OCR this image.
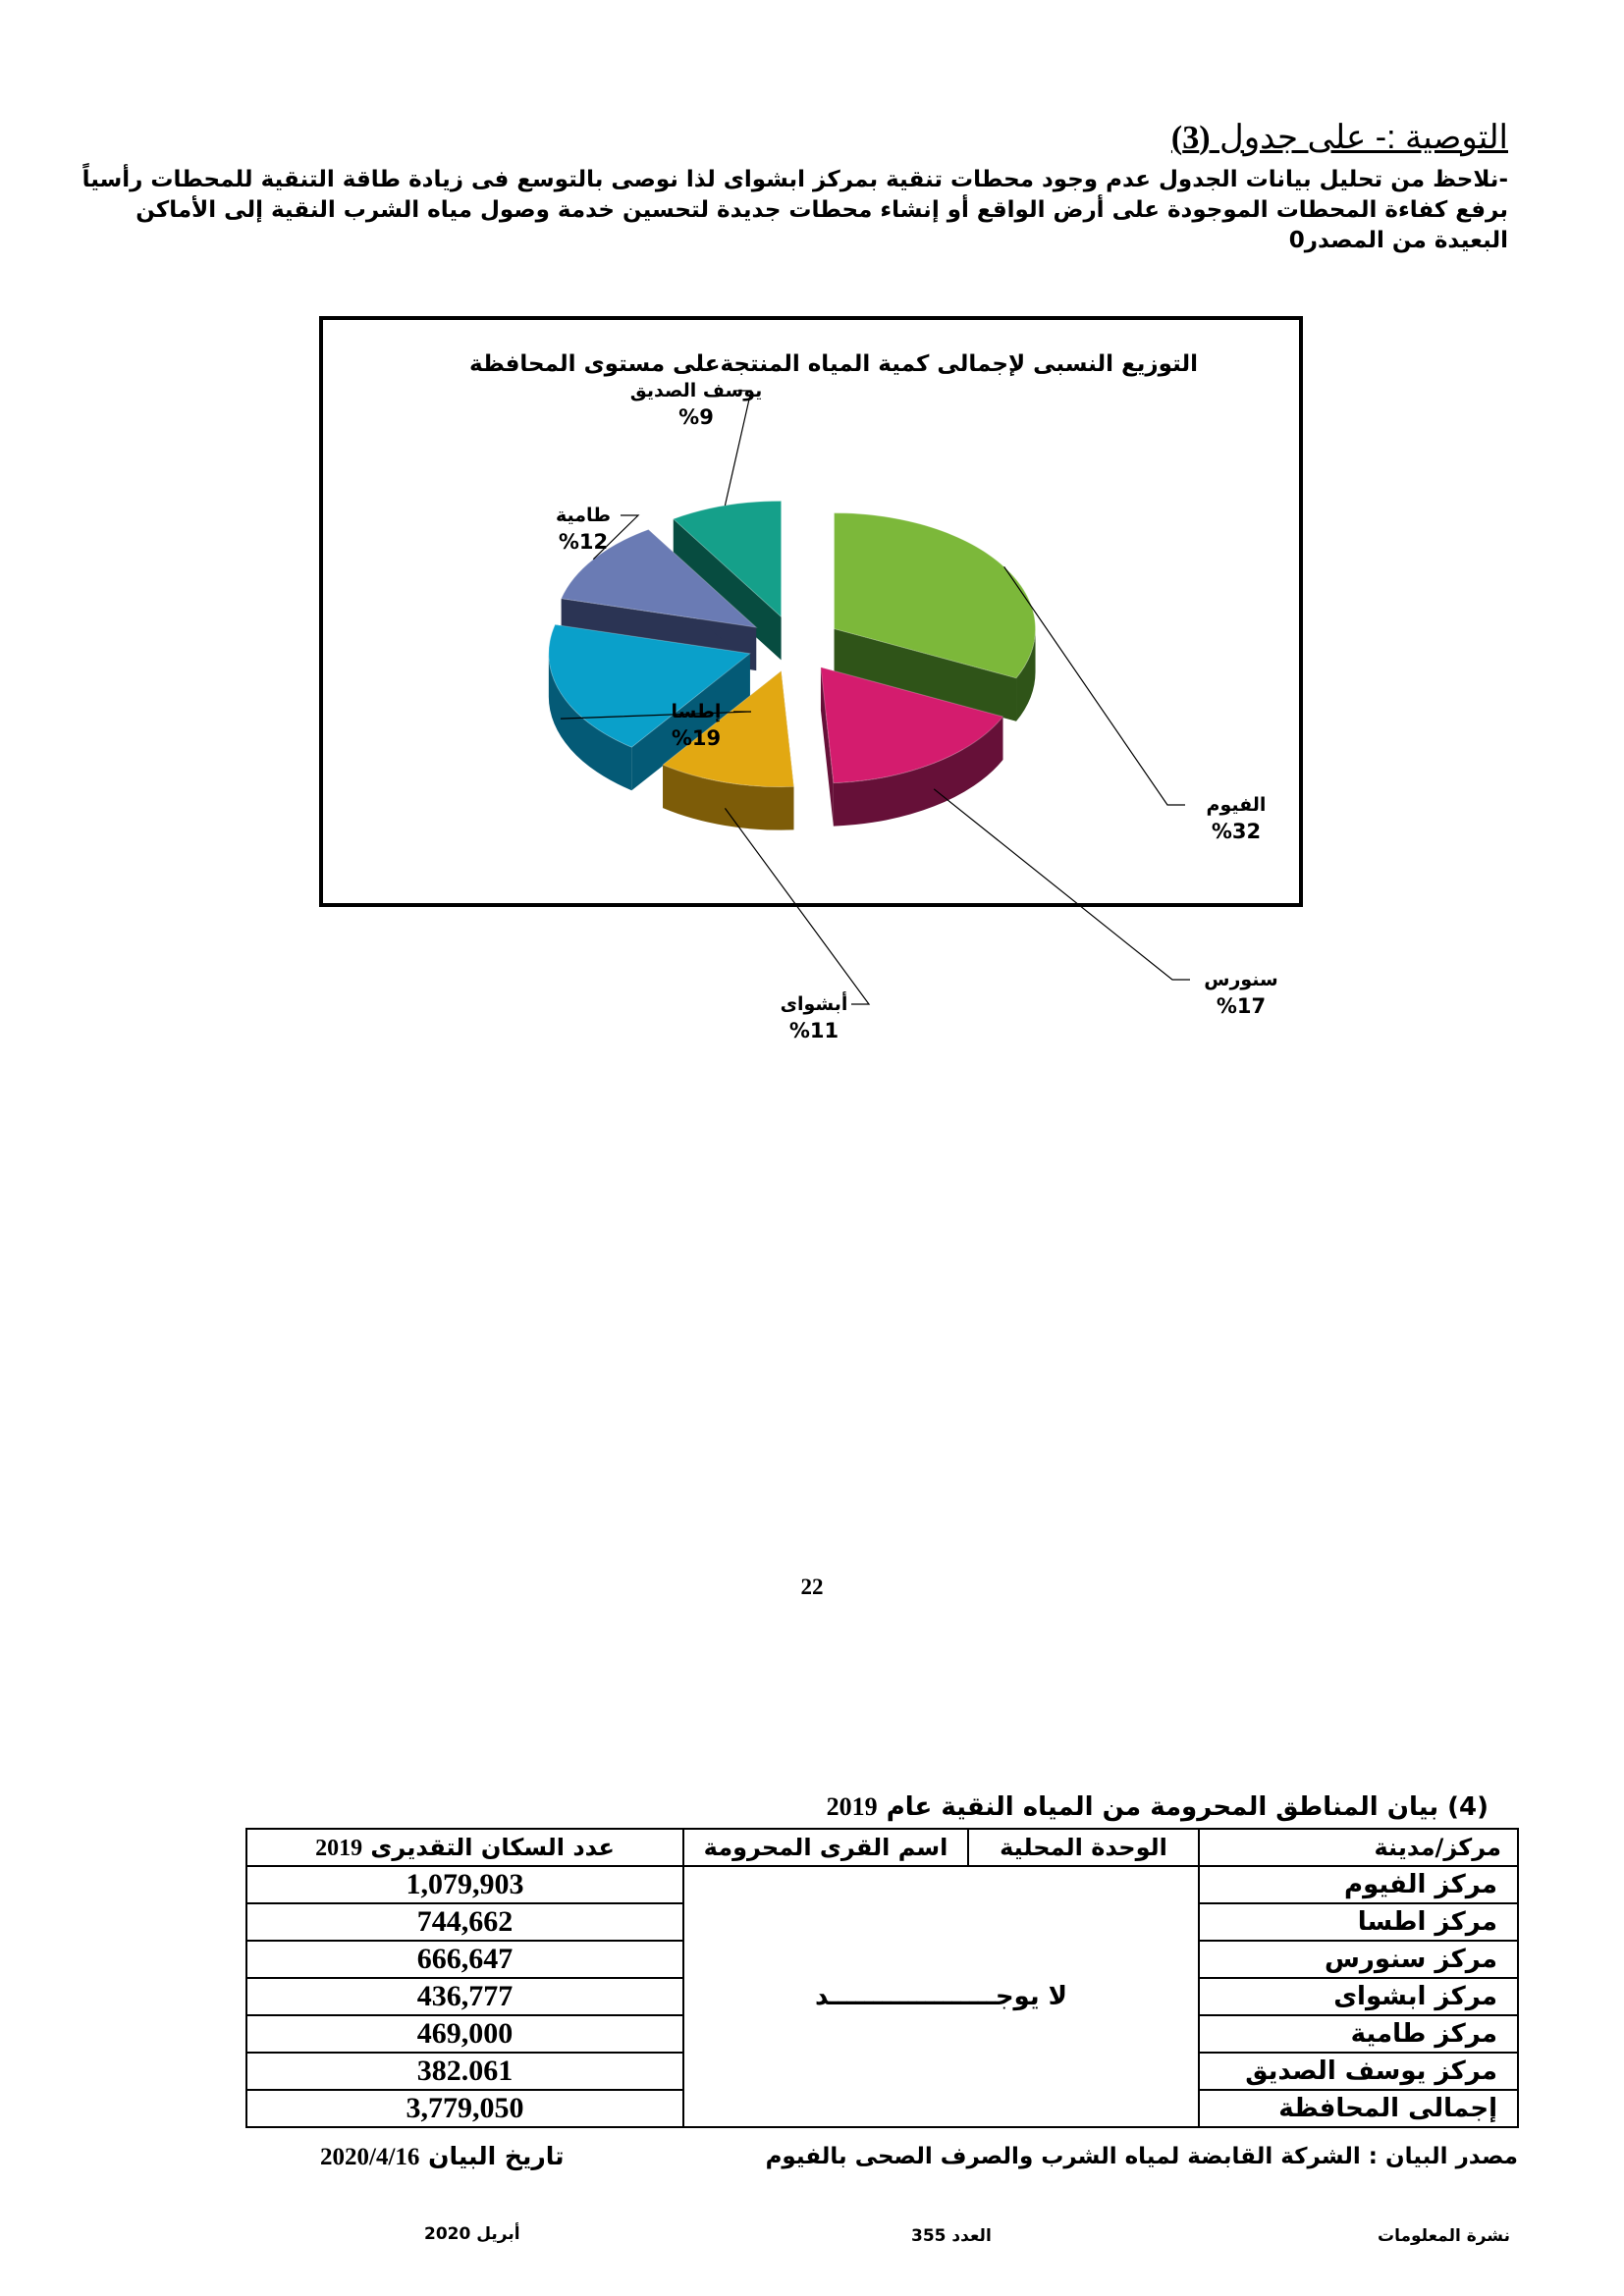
التوصية :- على جدول (3)
-نلاحظ من تحليل بيانات الجدول عدم وجود محطات تنقية بمركز ابشواى لذا نوصى بالتوسع فى زيادة طاقة التنقية للمحطات رأسياً
برفع كفاءة المحطات الموجودة على أرض الواقع أو إنشاء محطات جديدة لتحسين خدمة وصول مياه الشرب النقية إلى الأماكن
البعيدة من المصدر0
التوزيع النسبى لإجمالى كمية المياه المنتجةعلى مستوى المحافظة
الفيوم
%32
سنورس
%17
أبشواى
%11
إطسا
%19
طامية
%12
يوسف الصديق
%9
22
(4) بيان المناطق المحرومة من المياه النقية عام 2019
مركز/مدينة	الوحدة المحلية	اسم القرى المحرومة	عدد السكان التقديرى 2019
مركز الفيوم	لا يوجـــــــــــــــــــد		1,079,903
مركز اطسا			744,662
مركز سنورس			666,647
مركز ابشواى			436,777
مركز طامية			469,000
مركز يوسف الصديق			382.061
إجمالى المحافظة			3,779,050
مصدر البيان : الشركة القابضة لمياه الشرب والصرف الصحى بالفيوم
تاريخ البيان 2020/4/16
نشرة المعلومات
العدد 355
أبريل 2020
